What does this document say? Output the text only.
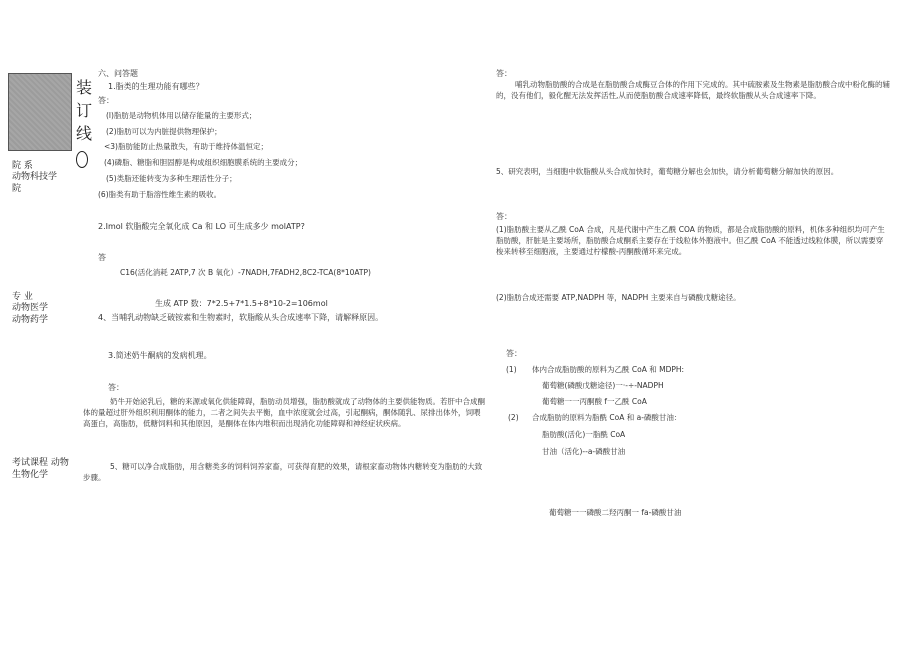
装
订
线
院 系
动物科技学院
专 业
动物医学
动物药学
考试课程 动物生物化学
六、问答题
1.脂类的生理功能有哪些？
答：
(l)脂肪是动物机体用以储存能量的主要形式；
(2)脂肪可以为内脏提供物理保护；
<3)脂肪能防止热量散失，有助于维持体温恒定；
(4)磷脂、糖脂和胆固醇是构成组织细胞膜系统的主要成分；
(5)类脂还能转变为多种生理活性分子；
(6)脂类有助于脂溶性维生素的吸收。
2.Imol 软脂酸完全氧化成 Ca 和 LO 可生成多少 molATP?
答
C16(活化消耗 2ATP,7 次 B 氧化）-7NADH,7FADH2,8C2-TCA(8*10ATP)
生成 ATP 数：7*2.5+7*1.5+8*10-2=106mol
4、当哺乳动物缺乏破铵素和生物素时，软脂酸从头合成速率下降，请解释原因。
3.简述奶牛酮病的发病机理。
答：
奶牛开始泌乳后，糖的来源或氧化供能障碍，脂肪动员增强，脂肪酸就成了动物体的主要供能物质。若肝中合成酮体的量超过肝外组织利用酮体的能力，二者之间失去平衡，血中浓度就会过高，引起酮病，酮体随乳、尿排出体外，饲喂高蛋白，高脂肪，低糖饲料和其他原因，是酮体在体内堆积而出现消化功能障碍和神经症状疾病。
5、糖可以净合成脂肪，用含糖类多的饲料饲养家畜，可获得育肥的效果，请根家畜动物体内糖转变为脂肪的大致步骤。
答：
哺乳动物脂肪酸的合成是在脂肪酸合成酶豆合体的作用下完成的。其中硫胺素及生物素是脂肪酸合成中粉化酶的辅的，没有他们，毅化醒无法发挥活性,从而使脂肪酸合成速率降低，最终软脂酸从头合成速率下降。
5、研究表明，当细胞中软脂酸从头合成加快时，葡萄糖分解也会加快，请分析葡萄糖分解加快的原因。
答：
(1)脂肪酸主要从乙酰 CoA 合成，凡是代谢中产生乙酰 COA 的物质，都是合成脂肪酸的原料，机体多种组织均可产生脂肪酸，肝脏是主要场所，脂肪酸合成酮系主要存在于线粒体外胞液中。但乙酰 CoA 不能透过线粒体膜，所以需要穿梭来转移至细胞液，主要通过柠檬酸-丙酮酸循环来完成。
(2)脂肪合成还需要 ATP,NADPH 等，NADPH 主要来自与磷酸戊糖途径。
答：
(1) 体内合成脂肪酸的原料为乙酰 CoA 和 MDPH:
葡萄糖(磷酸戊糖途径)一·-÷-NADPH
葡萄糖一一丙酮酸 f一乙酰 CoA
(2) 合成脂肪的原料为脂酰 CoA 和 a-磷酸甘油：
脂肪酸(活化)一脂酰 CoA
甘油（活化)--a-磷酸甘油
葡萄糖一一磷酸二羟丙酮一 fa-磷酸甘油
